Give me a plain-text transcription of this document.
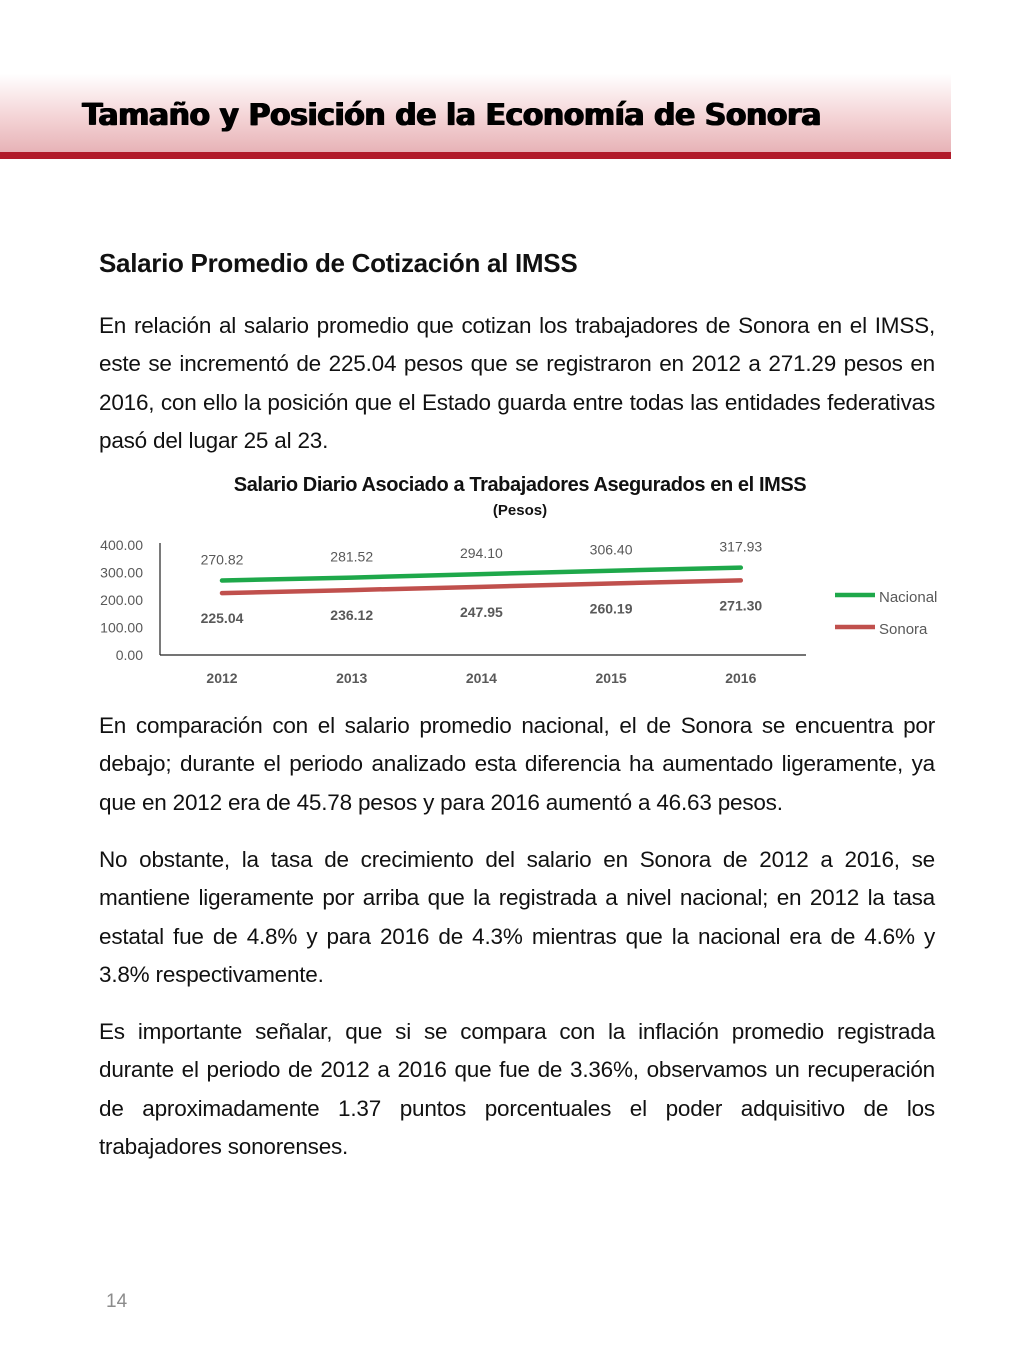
Tamaño y Posición de la Economía de Sonora
Salario Promedio de Cotización al IMSS

En relación al salario promedio que cotizan los trabajadores de Sonora en el IMSS, este se incrementó de 225.04 pesos que se registraron en 2012 a 271.29 pesos en 2016, con ello la posición que el Estado guarda entre todas las entidades federativas pasó del lugar 25 al 23.

Salario Diario Asociado a Trabajadores Asegurados en el IMSS
(Pesos)
400.00
300.00
200.00
100.00
0.00
2012	2013	2014	2015	2016
270.82	281.52	294.10	306.40	317.93
225.04	236.12	247.95	260.19	271.30	Nacional
Sonora

En comparación con el salario promedio nacional, el de Sonora se encuentra por debajo; durante el periodo analizado esta diferencia ha aumentado ligeramente, ya que en 2012 era de 45.78 pesos y para 2016 aumentó a 46.63 pesos.

No obstante, la tasa de crecimiento del salario en Sonora de 2012 a 2016, se mantiene ligeramente por arriba que la registrada a nivel nacional; en 2012 la tasa estatal fue de 4.8% y para 2016 de 4.3% mientras que la nacional era de 4.6% y 3.8% respectivamente.

Es importante señalar, que si se compara con la inflación promedio registrada durante el periodo de 2012 a 2016 que fue de 3.36%, observamos un recuperación de aproximadamente 1.37 puntos porcentuales el poder adquisitivo de los trabajadores sonorenses.

14
